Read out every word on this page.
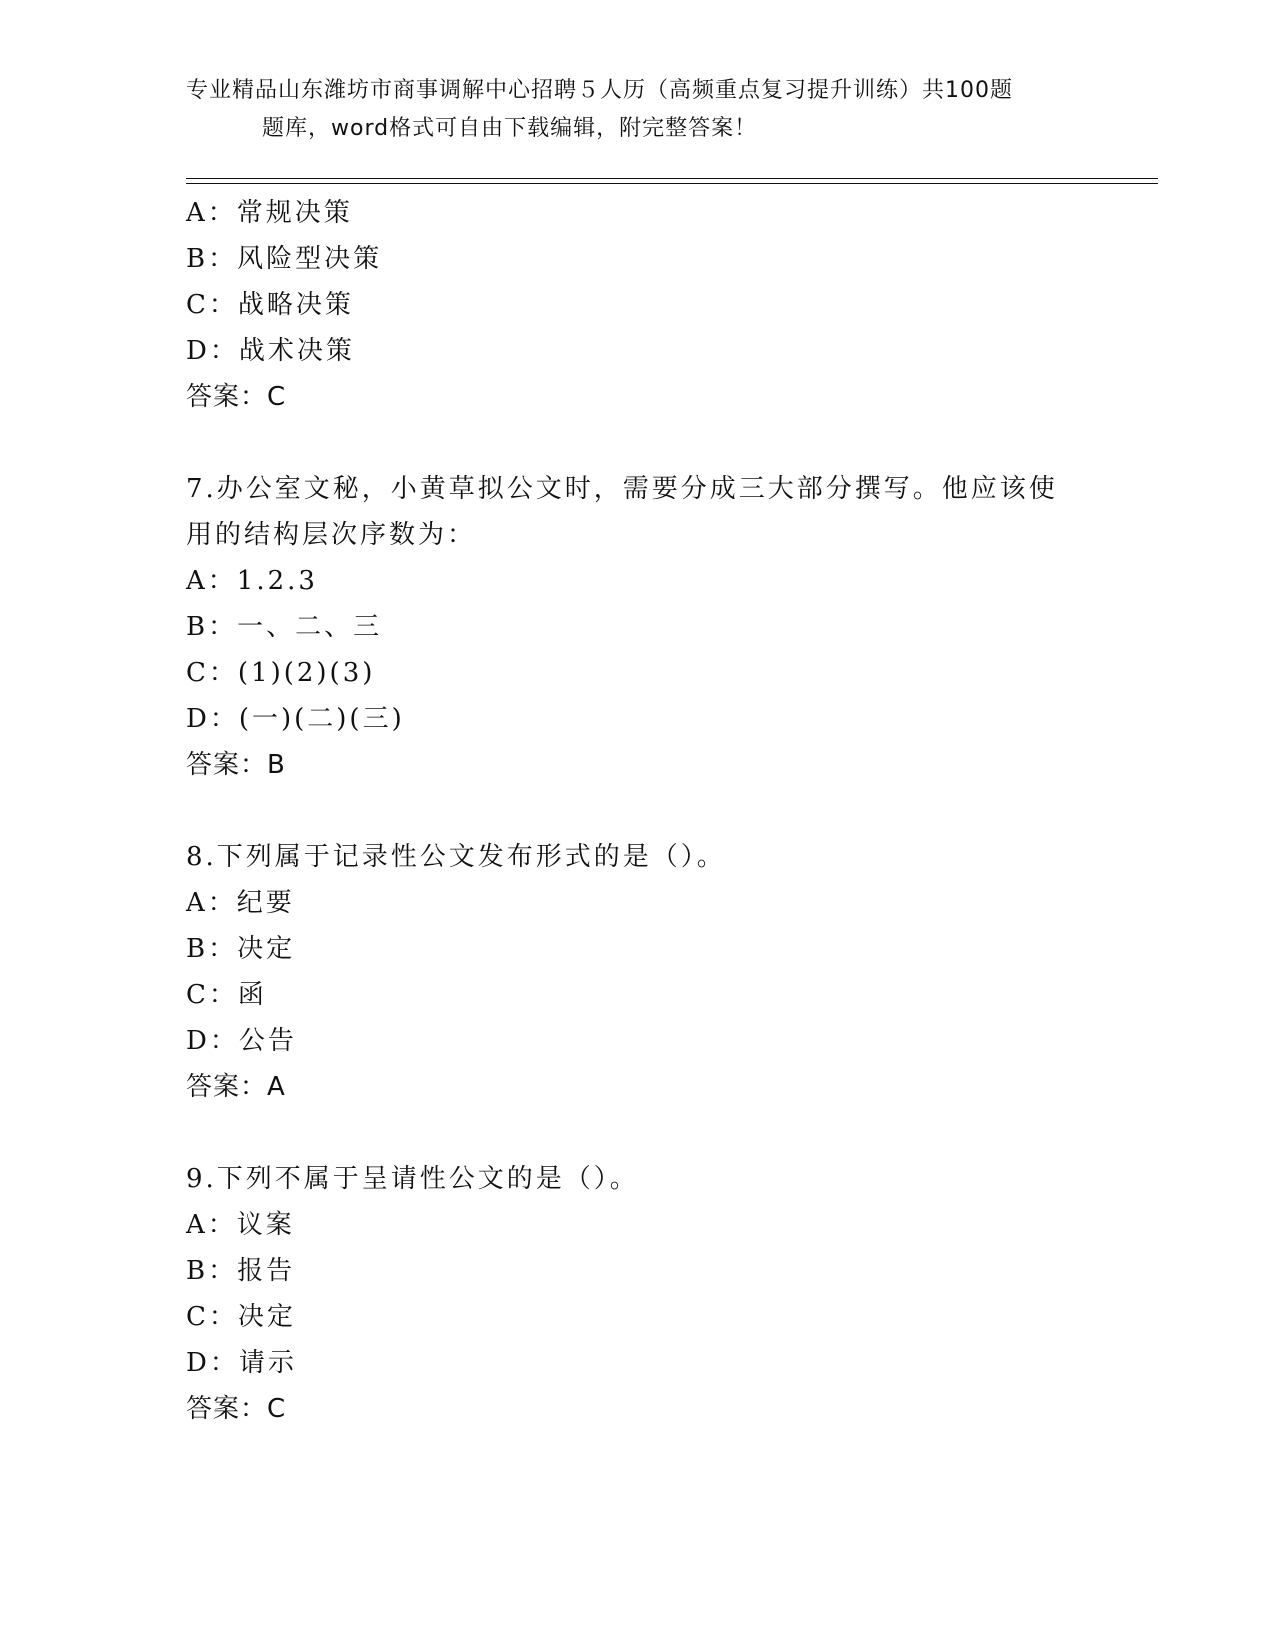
专业精品山东潍坊市商事调解中心招聘５人历（高频重点复习提升训练）共100题
题库，word格式可自由下载编辑，附完整答案！
A：常规决策
B：风险型决策
C：战略决策
D：战术决策
答案：C
7.办公室文秘，小黄草拟公文时，需要分成三大部分撰写。他应该使
用的结构层次序数为：
A：1.2.3
B：一、二、三
C：(1)(2)(3)
D：(一)(二)(三)
答案：B
8.下列属于记录性公文发布形式的是（）。
A：纪要
B：决定
C：函
D：公告
答案：A
9.下列不属于呈请性公文的是（）。
A：议案
B：报告
C：决定
D：请示
答案：C
